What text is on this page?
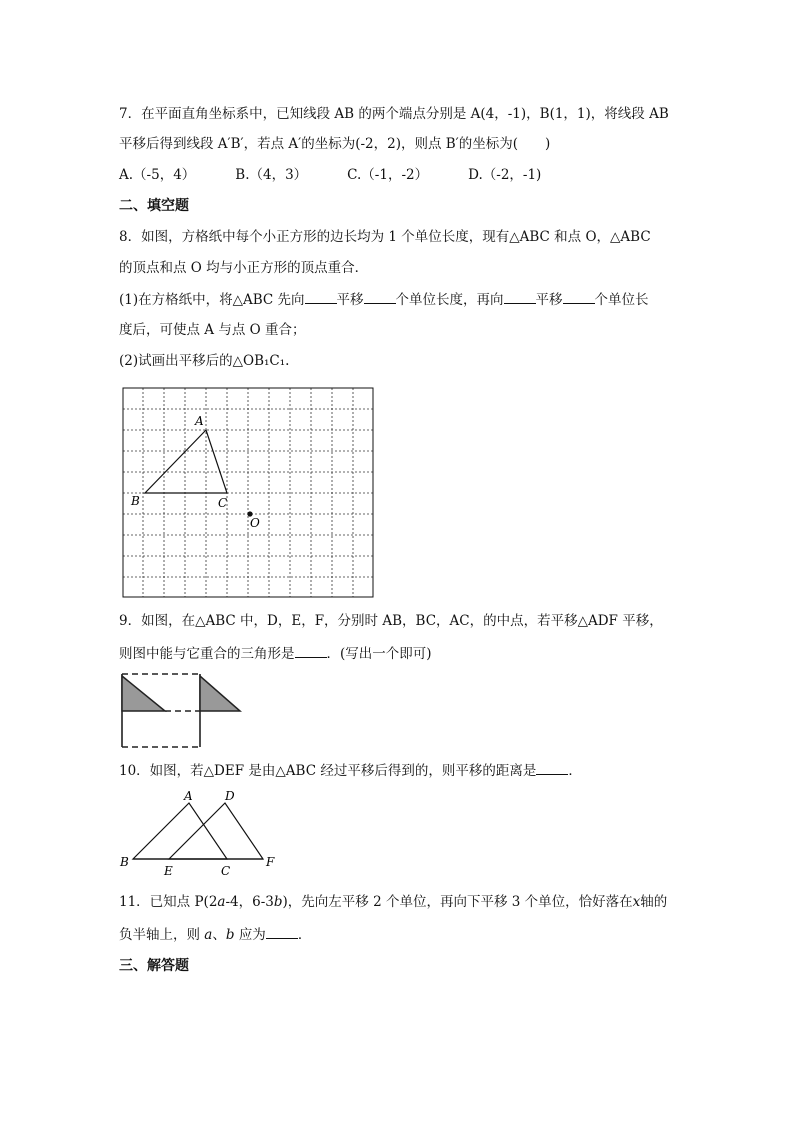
7．在平面直角坐标系中，已知线段 AB 的两个端点分别是 A(4，-1)，B(1，1)，将线段 AB
平移后得到线段 A′B′，若点 A′的坐标为(-2，2)，则点 B′的坐标为(　　)
A.（-5，4）	B.（4，3）	C.（-1，-2）	D.（-2，-1)
二、填空题
8．如图，方格纸中每个小正方形的边长均为 1 个单位长度，现有△ABC 和点 O，△ABC
的顶点和点 O 均与小正方形的顶点重合．
(1)在方格纸中，将△ABC 先向 平移 个单位长度，再向 平移 个单位长
度后，可使点 A 与点 O 重合；
(2)试画出平移后的△OB₁C₁.
A
B	C
O
9．如图，在△ABC 中，D，E，F，分别时 AB，BC，AC，的中点，若平移△ADF 平移，
则图中能与它重合的三角形是 ．(写出一个即可)
10．如图，若△DEF 是由△ABC 经过平移后得到的，则平移的距离是 ．
A	D
B
E	C
F
11．已知点 P(2a-4，6-3b)，先向左平移 2 个单位，再向下平移 3 个单位，恰好落在x轴的
负半轴上，则 a、b 应为 ．
三、解答题
